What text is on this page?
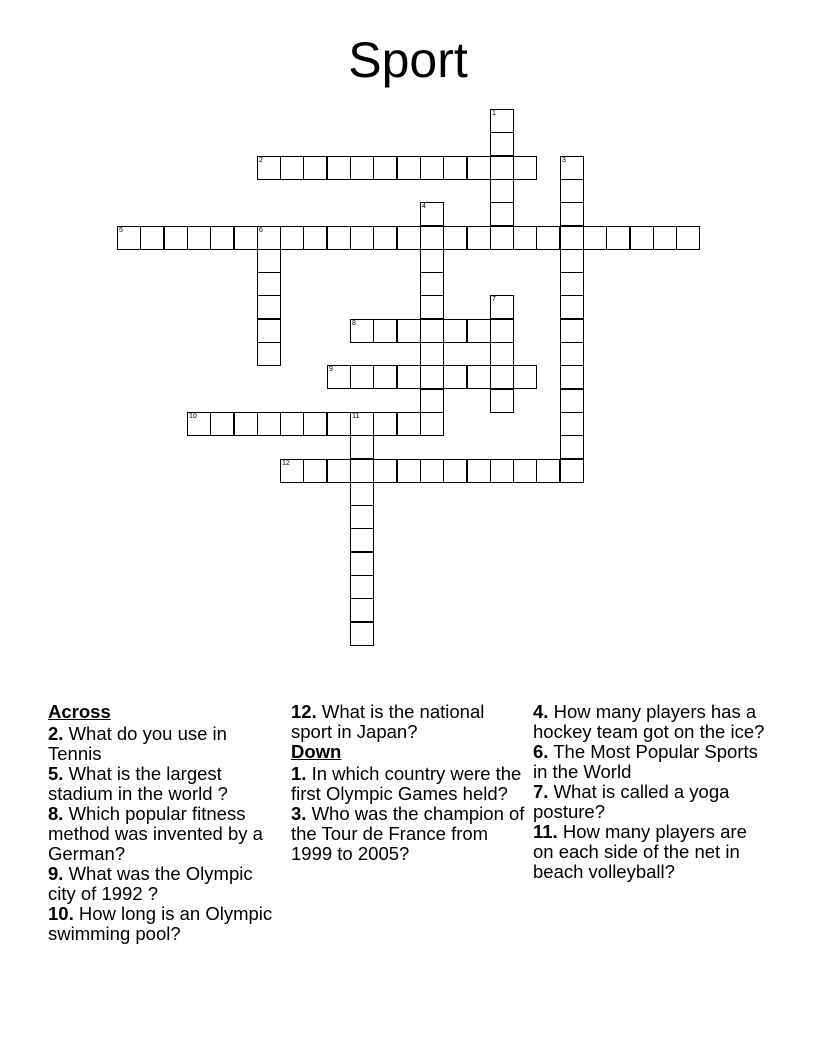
Sport
1
2	3
4
5	6
7
8
9
10	11
12
Across

2. What do you use in Tennis

5. What is the largest stadium in the world ?

8. Which popular fitness method was invented by a German?

9. What was the Olympic city of 1992 ?

10. How long is an Olympic swimming pool?

12. What is the national sport in Japan?

Down

1. In which country were the first Olympic Games held?

3. Who was the champion of the Tour de France from 1999 to 2005?

4. How many players has a hockey team got on the ice?

6. The Most Popular Sports in the World

7. What is called a yoga posture?

11. How many players are on each side of the net in beach volleyball?
